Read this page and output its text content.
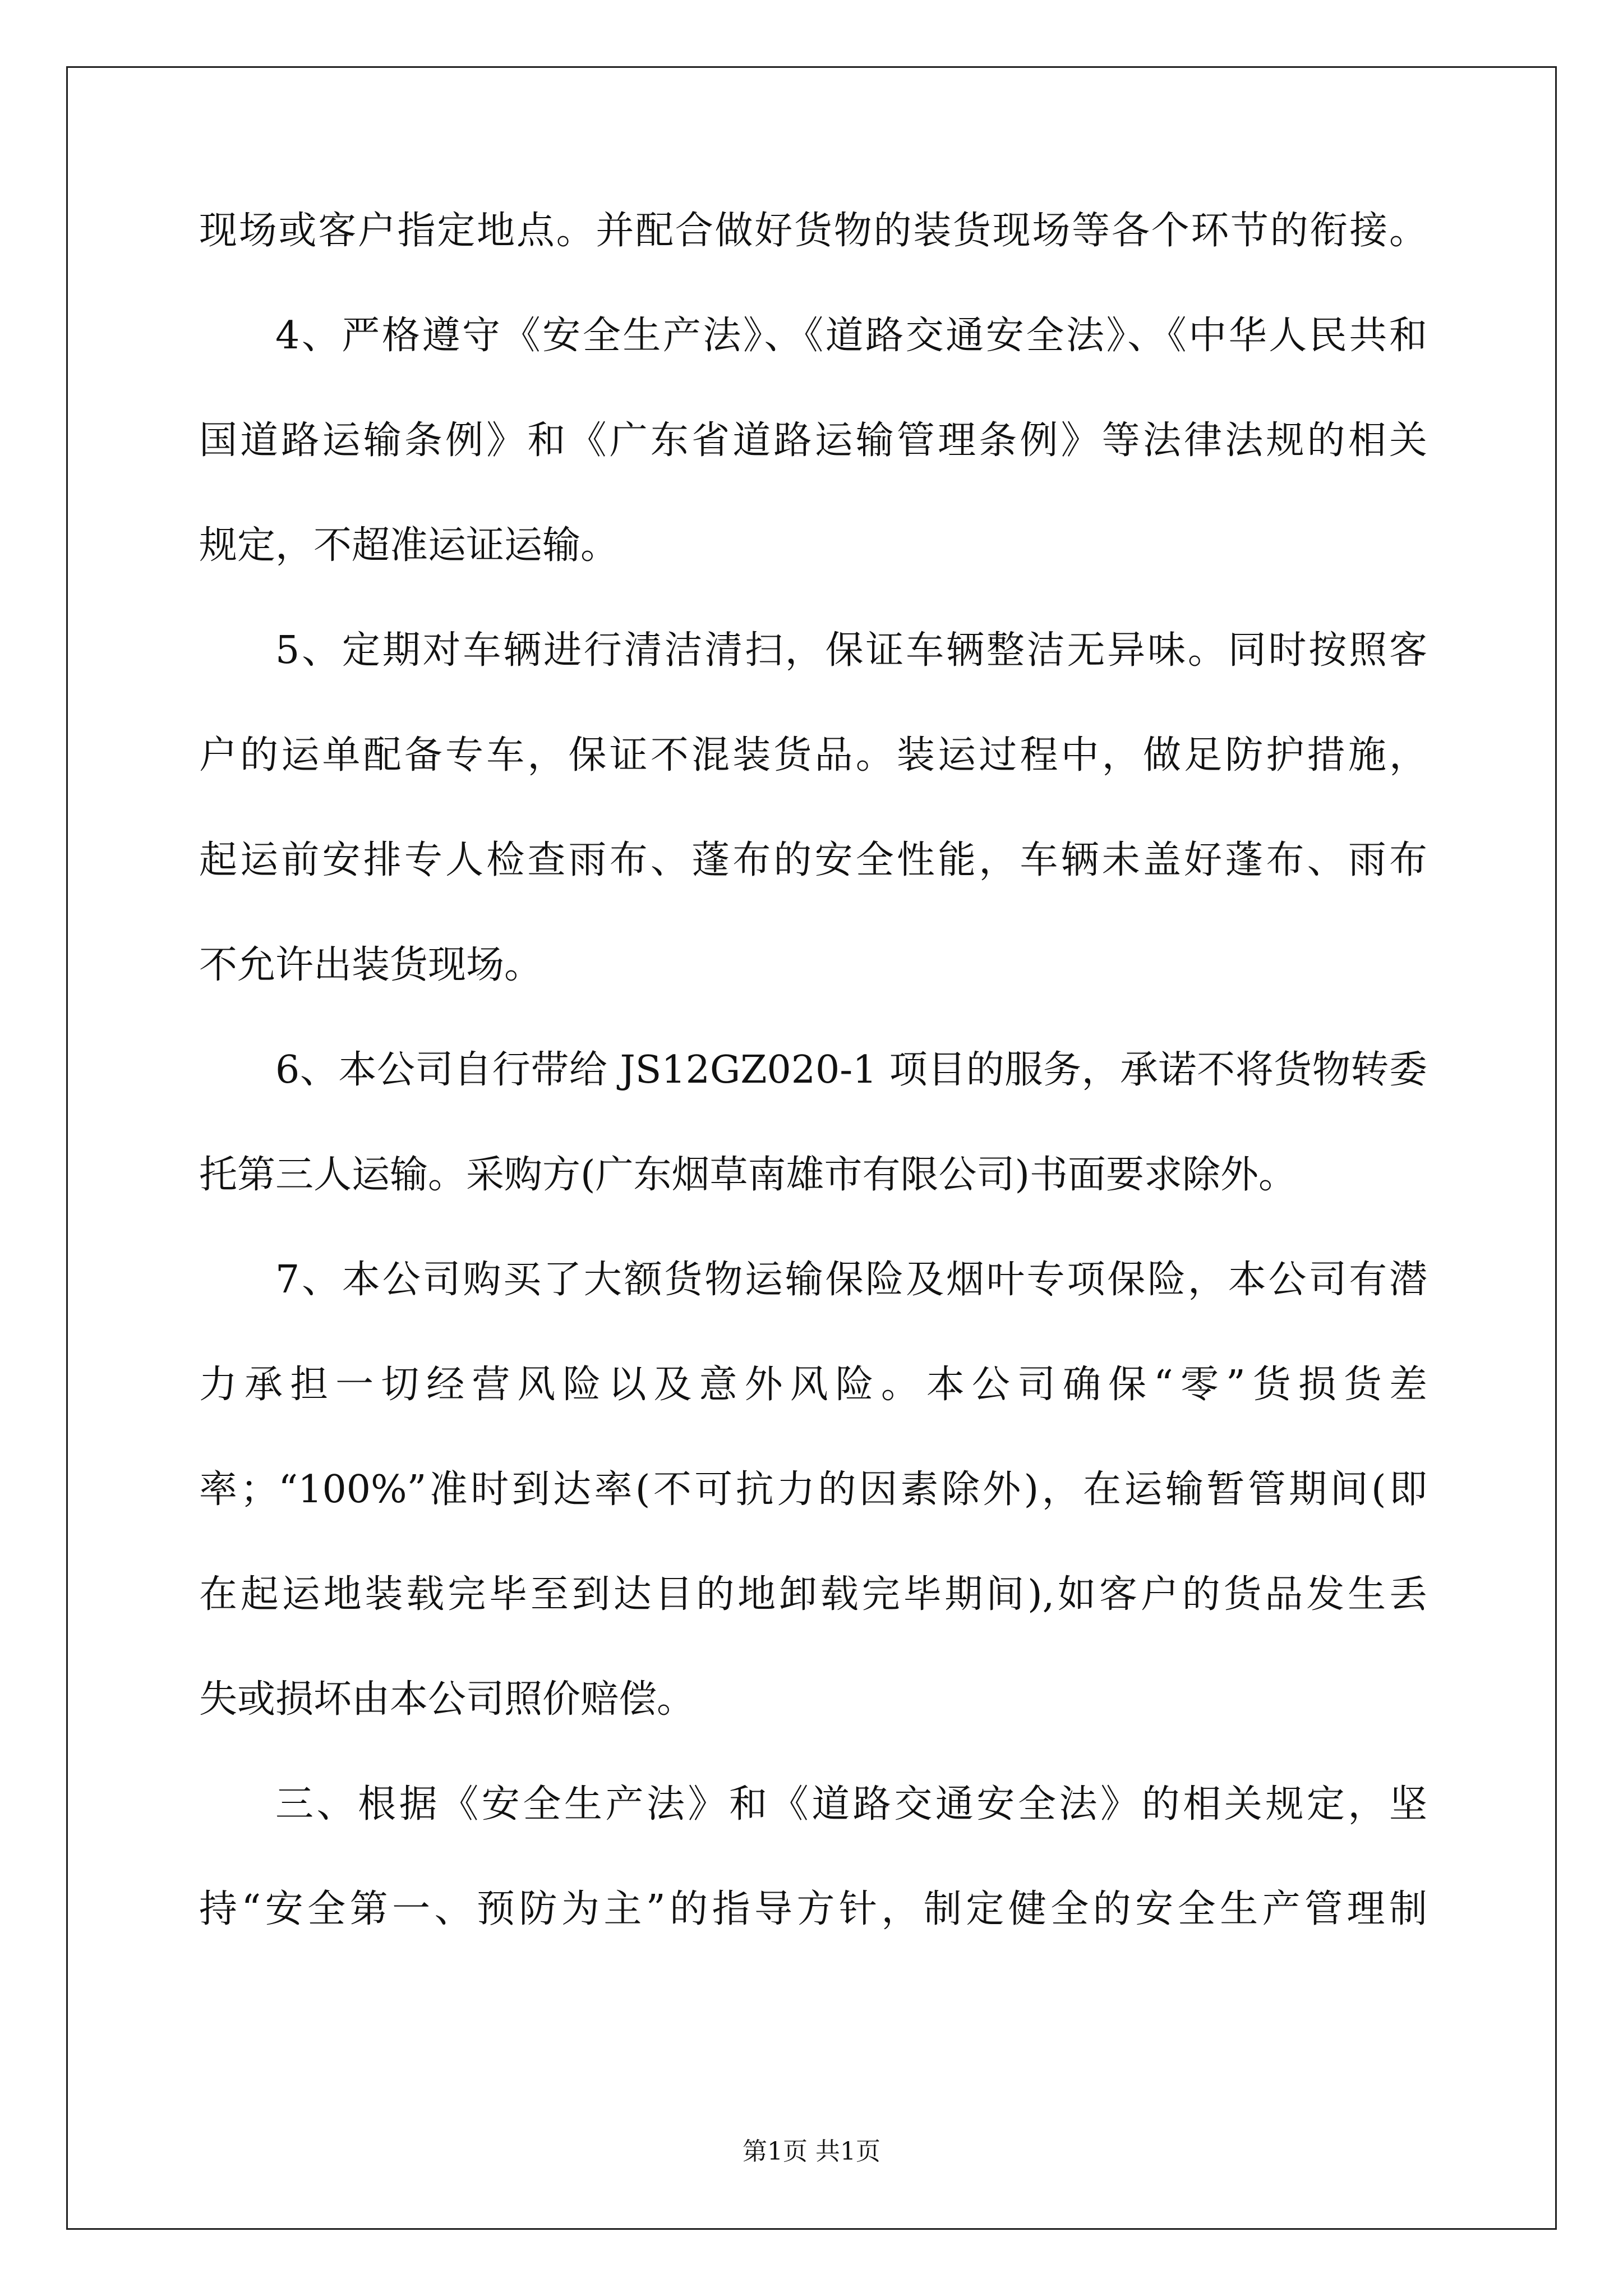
现场或客户指定地点。并配合做好货物的装货现场等各个环节的衔接。
4、严格遵守《安全生产法》、《道路交通安全法》、《中华人民共和
国道路运输条例》和《广东省道路运输管理条例》等法律法规的相关
规定，不超准运证运输。
5、定期对车辆进行清洁清扫，保证车辆整洁无异味。同时按照客
户的运单配备专车，保证不混装货品。装运过程中，做足防护措施，
起运前安排专人检查雨布、蓬布的安全性能，车辆未盖好蓬布、雨布
不允许出装货现场。
6、本公司自行带给 JS12GZ020-1 项目的服务，承诺不将货物转委
托第三人运输。采购方(广东烟草南雄市有限公司)书面要求除外。
7、本公司购买了大额货物运输保险及烟叶专项保险，本公司有潜
力承担一切经营风险以及意外风险。本公司确保“零”货损货差
率；“100%”准时到达率(不可抗力的因素除外)，在运输暂管期间(即
在起运地装载完毕至到达目的地卸载完毕期间),如客户的货品发生丢
失或损坏由本公司照价赔偿。
三、根据《安全生产法》和《道路交通安全法》的相关规定，坚
持“安全第一、预防为主”的指导方针，制定健全的安全生产管理制
第1页 共1页
